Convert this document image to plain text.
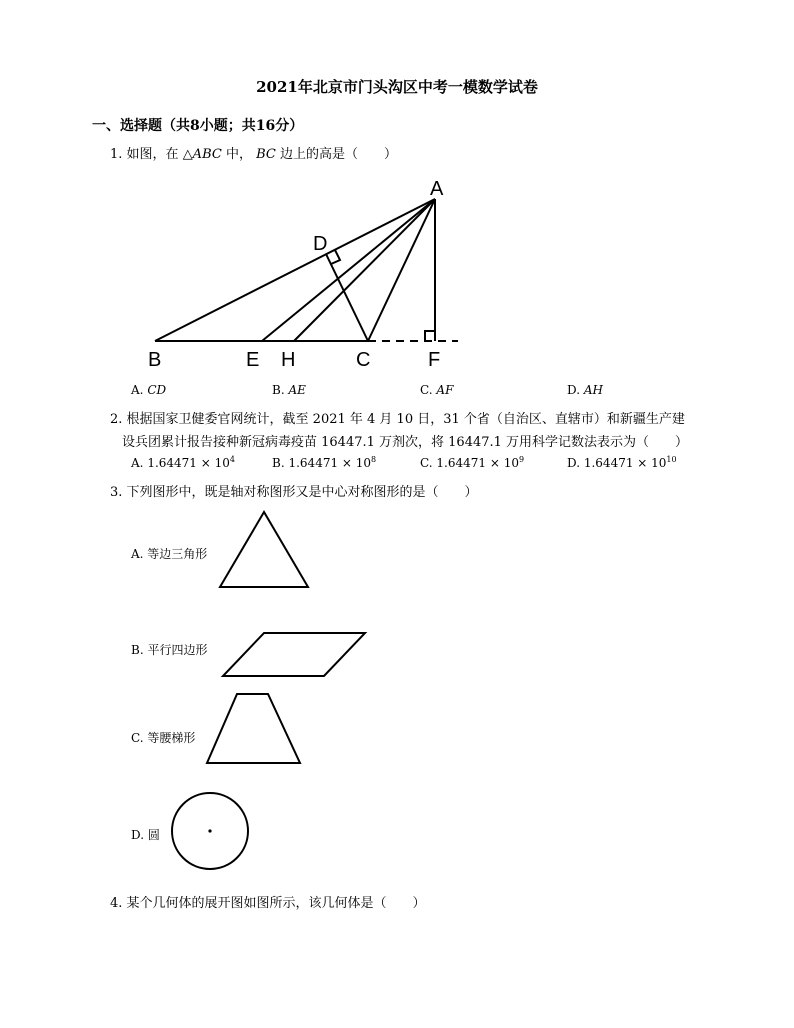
2021年北京市门头沟区中考一模数学试卷
一、选择题（共8小题；共16分）
1. 如图，在 △ABC 中， BC 边上的高是（　　）
A
D
B	E H	C	F
A. CD	B. AE	C. AF	D. AH
2. 根据国家卫健委官网统计，截至 2021 年 4 月 10 日，31 个省（自治区、直辖市）和新疆生产建
设兵团累计报告接种新冠病毒疫苗 16447.1 万剂次，将 16447.1 万用科学记数法表示为（　　）
A. $1.64471 \times 10^4$	B. $1.64471 \times 10^8$	C. $1.64471 \times 10^9$	D. $1.64471 \times 10^{10}$
3. 下列图形中，既是轴对称图形又是中心对称图形的是（　　）
A. 等边三角形
B. 平行四边形
C. 等腰梯形
D. 圆
4. 某个几何体的展开图如图所示，该几何体是（　　）
